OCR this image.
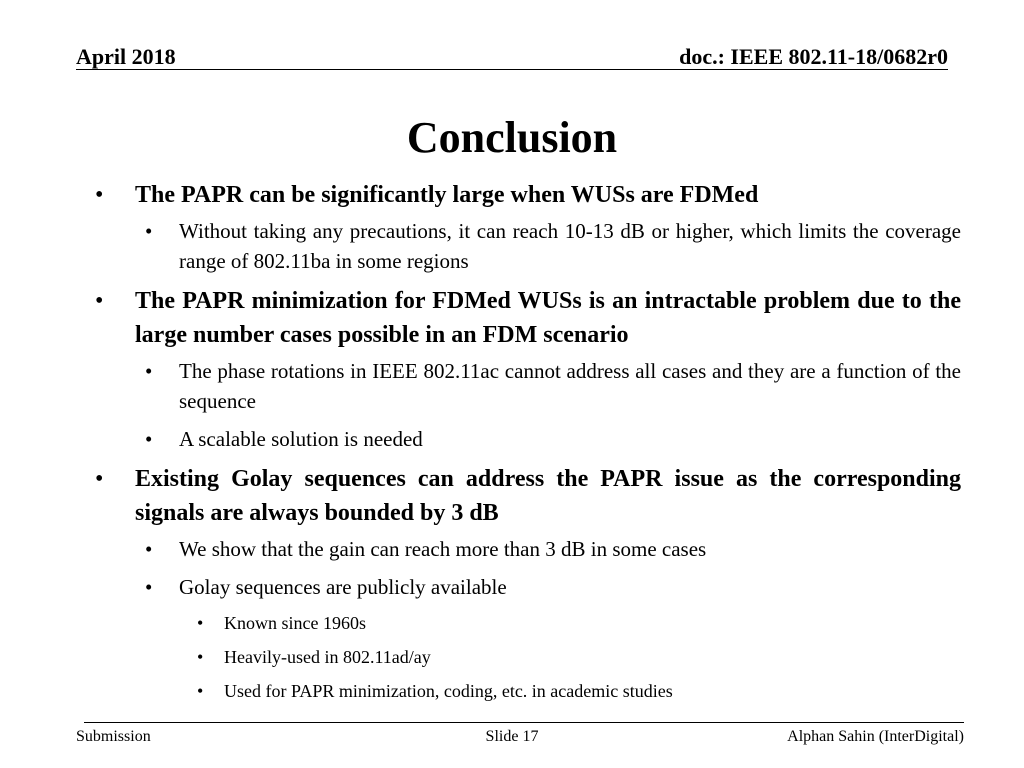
April 2018	doc.: IEEE 802.11-18/0682r0
Conclusion
• The PAPR can be significantly large when WUSs are FDMed
• Without taking any precautions, it can reach 10-13 dB or higher, which limits the coverage range of 802.11ba in some regions
• The PAPR minimization for FDMed WUSs is an intractable problem due to the large number cases possible in an FDM scenario
• The phase rotations in IEEE 802.11ac cannot address all cases and they are a function of the sequence
• A scalable solution is needed
• Existing Golay sequences can address the PAPR issue as the corresponding signals are always bounded by 3 dB
• We show that the gain can reach more than 3 dB in some cases
• Golay sequences are publicly available
• Known since 1960s
• Heavily-used in 802.11ad/ay
• Used for PAPR minimization, coding, etc. in academic studies
Submission	Slide 17	Alphan Sahin (InterDigital)
